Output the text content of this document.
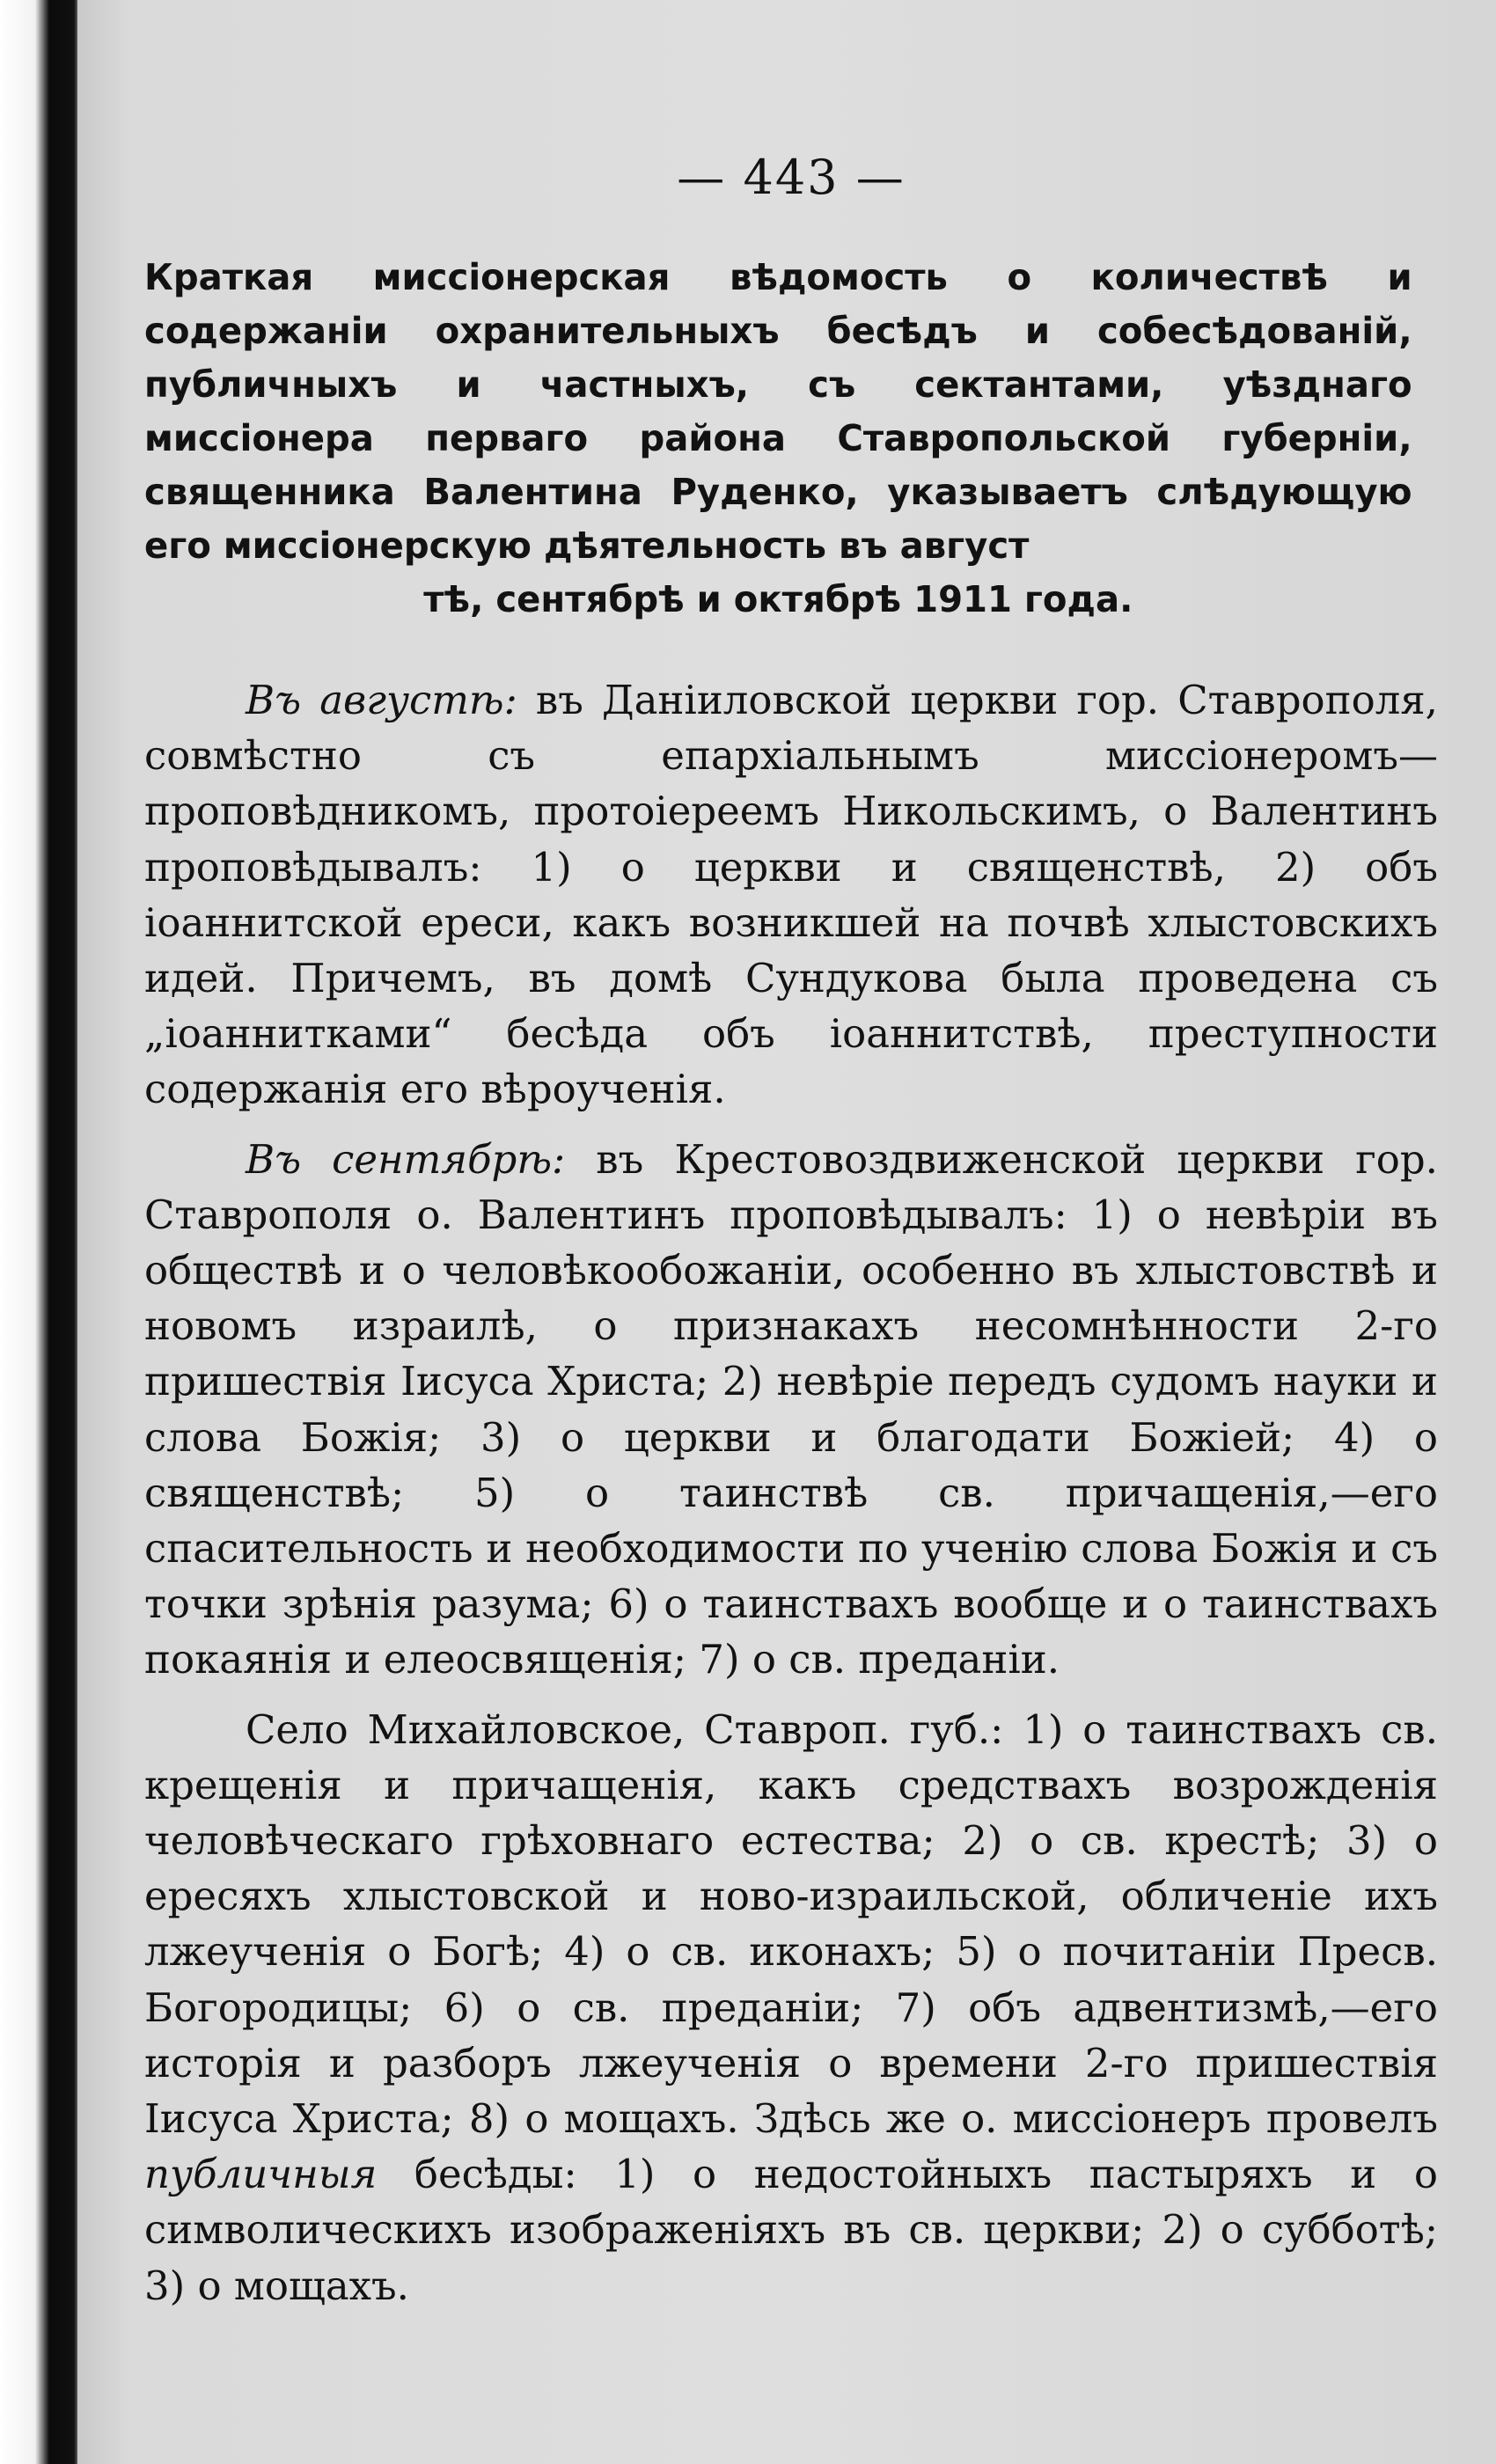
— 443 —
Краткая миссіонерская вѣдомость о количествѣ и содержаніи охранительныхъ бесѣдъ и собесѣдованій, публичныхъ и частныхъ, съ сектантами, уѣзднаго миссіонера перваго района Ставропольской губерніи, священника Валентина Руденко, указываетъ слѣдующую его миссіонерскую дѣятельность въ август
тѣ, сентябрѣ и октябрѣ 1911 года.

Въ августѣ: въ Даніиловской церкви гор. Ставрополя, совмѣстно съ епархіальнымъ миссіонеромъ—проповѣдникомъ, протоіереемъ Никольскимъ, о Валентинъ проповѣдывалъ: 1) о церкви и священствѣ, 2) объ іоаннитской ереси, какъ возникшей на почвѣ хлыстовскихъ идей. Причемъ, въ домѣ Сундукова была проведена съ „іоаннитками“ бесѣда объ іоаннитствѣ, преступности содержанія его вѣроученія.

Въ сентябрѣ: въ Крестовоздвиженской церкви гор. Ставрополя о. Валентинъ проповѣдывалъ: 1) о невѣріи въ обществѣ и о человѣкообожаніи, особенно въ хлыстовствѣ и новомъ израилѣ, о признакахъ несомнѣнности 2-го пришествія Іисуса Христа; 2) невѣріе передъ судомъ науки и слова Божія; 3) о церкви и благодати Божіей; 4) о священствѣ; 5) о таинствѣ св. причащенія,—его спасительность и необходимости по ученію слова Божія и съ точки зрѣнія разума; 6) о таинствахъ вообще и о таинствахъ покаянія и елеосвященія; 7) о св. преданіи.

Село Михайловское, Ставроп. губ.: 1) о таинствахъ св. крещенія и причащенія, какъ средствахъ возрожденія человѣческаго грѣховнаго естества; 2) о св. крестѣ; 3) о ересяхъ хлыстовской и ново-израильской, обличеніе ихъ лжеученія о Богѣ; 4) о св. иконахъ; 5) о почитаніи Пресв. Богородицы; 6) о св. преданіи; 7) объ адвентизмѣ,—его исторія и разборъ лжеученія о времени 2-го пришествія Іисуса Христа; 8) о мощахъ. Здѣсь же о. миссіонеръ провелъ публичныя бесѣды: 1) о недостойныхъ пастыряхъ и о символическихъ изображеніяхъ въ св. церкви; 2) о субботѣ; 3) о мощахъ.
